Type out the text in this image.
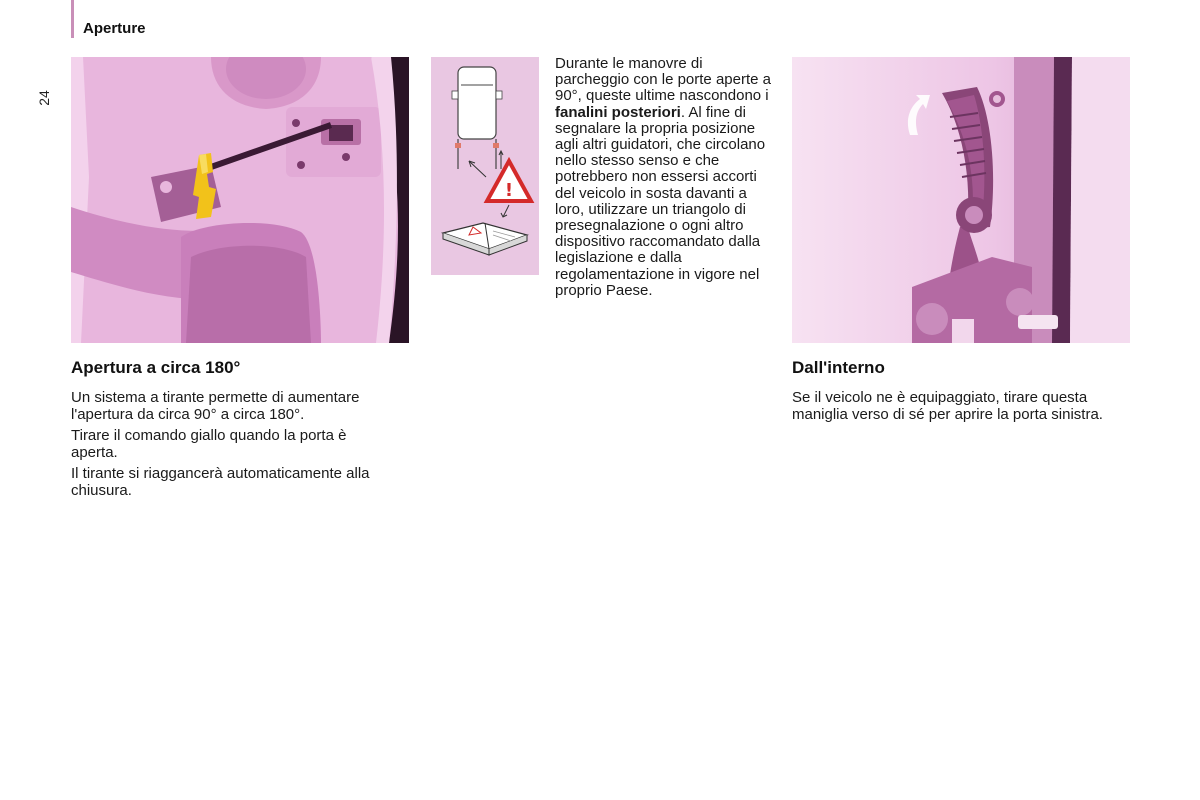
Aperture
24
!
Durante le manovre di parcheggio con le porte aperte a 90°, queste ultime nascondono i fanalini posteriori. Al fine di segnalare la propria posizione agli altri guidatori, che circolano nello stesso senso e che potrebbero non essersi accorti del veicolo in sosta davanti a loro, utilizzare un triangolo di presegnalazione o ogni altro dispositivo raccomandato dalla legislazione e dalla regolamentazione in vigore nel proprio Paese.
Apertura a circa 180°

Un sistema a tirante permette di aumentare l'apertura da circa 90° a circa 180°.

Tirare il comando giallo quando la porta è aperta.

Il tirante si riaggancerà automaticamente alla chiusura.

Dall'interno

Se il veicolo ne è equipaggiato, tirare questa maniglia verso di sé per aprire la porta sinistra.
